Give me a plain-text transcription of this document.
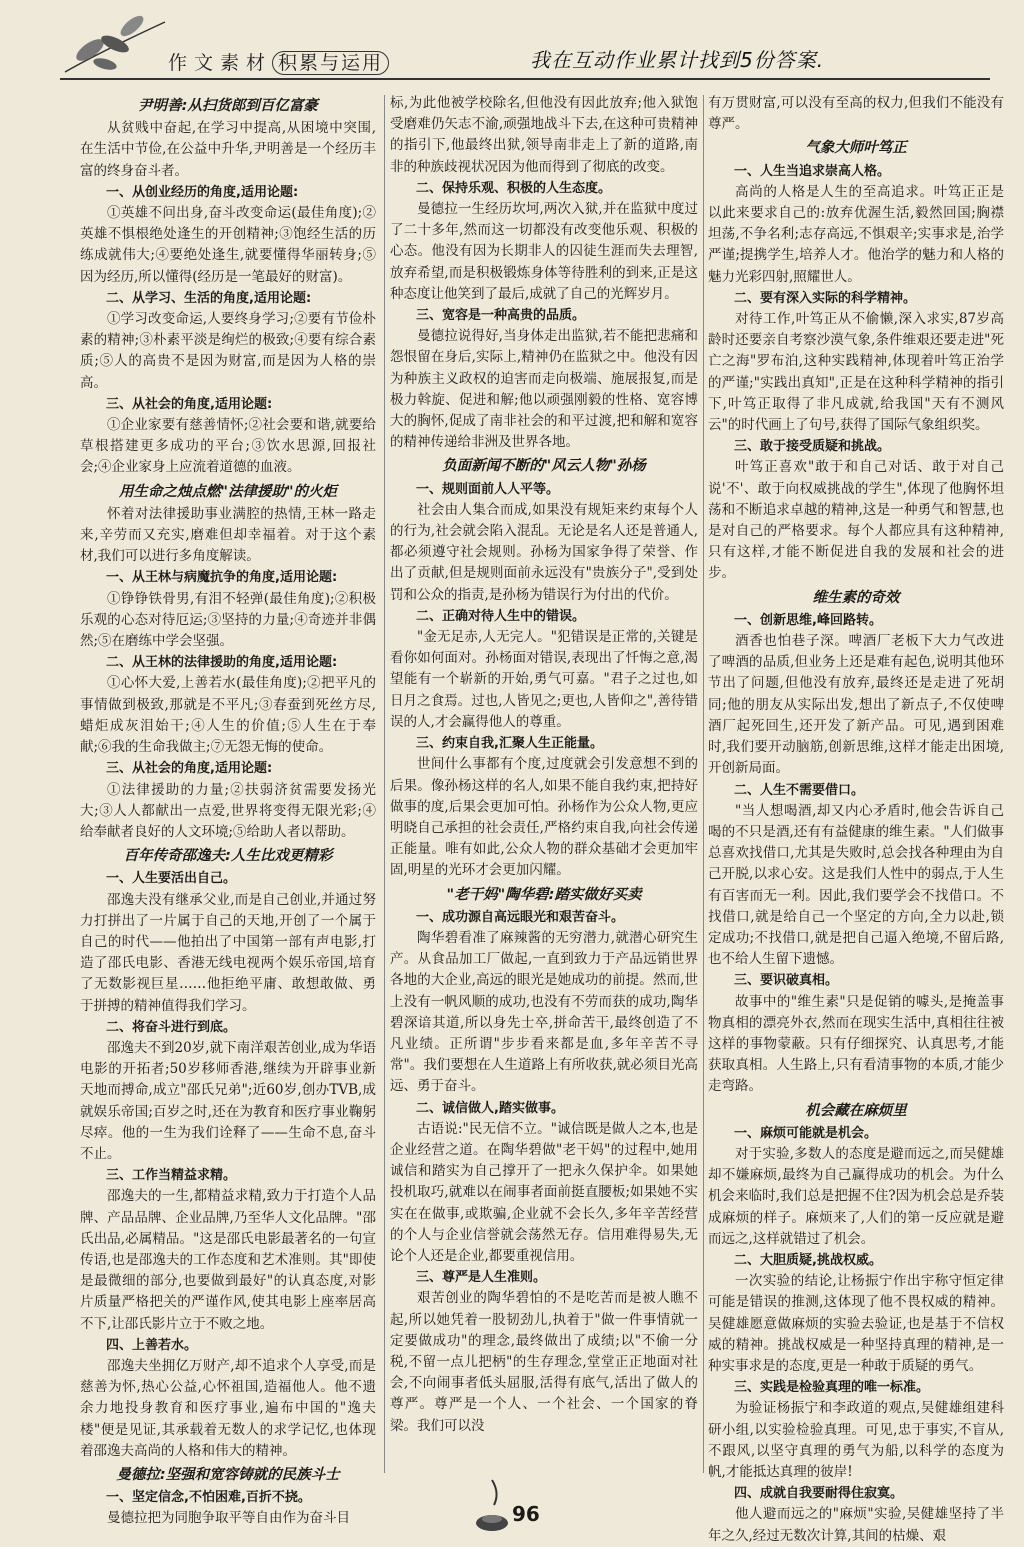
作文素材 积累与运用	我在互动作业累计找到5份答案.
尹明善:从扫货郎到百亿富豪
从贫贱中奋起,在学习中提高,从困境中突围,在生活中节俭,在公益中升华,尹明善是一个经历丰富的终身奋斗者。
一、从创业经历的角度,适用论题:
①英雄不问出身,奋斗改变命运(最佳角度);②英雄不惧根绝处逢生的开创精神;③饱经生活的历练成就伟大;④要绝处逢生,就要懂得华丽转身;⑤因为经历,所以懂得(经历是一笔最好的财富)。
二、从学习、生活的角度,适用论题:
①学习改变命运,人要终身学习;②要有节俭朴素的精神;③朴素平淡是绚烂的极致;④要有综合素质;⑤人的高贵不是因为财富,而是因为人格的崇高。
三、从社会的角度,适用论题:
①企业家要有慈善情怀;②社会要和谐,就要给草根搭建更多成功的平台;③饮水思源,回报社会;④企业家身上应流着道德的血液。
用生命之烛点燃"法律援助"的火炬
怀着对法律援助事业满腔的热情,王林一路走来,辛劳而又充实,磨难但却幸福着。对于这个素材,我们可以进行多角度解读。
一、从王林与病魔抗争的角度,适用论题:
①铮铮铁骨男,有泪不轻弹(最佳角度);②积极乐观的心态对待厄运;③坚持的力量;④奇迹并非偶然;⑤在磨练中学会坚强。
二、从王林的法律援助的角度,适用论题:
①心怀大爱,上善若水(最佳角度);②把平凡的事情做到极致,那就是不平凡;③春蚕到死丝方尽,蜡炬成灰泪始干;④人生的价值;⑤人生在于奉献;⑥我的生命我做主;⑦无怨无悔的使命。
三、从社会的角度,适用论题:
①法律援助的力量;②扶弱济贫需要发扬光大;③人人都献出一点爱,世界将变得无限光彩;④给奉献者良好的人文环境;⑤给助人者以帮助。
百年传奇邵逸夫:人生比戏更精彩
一、人生要活出自己。
邵逸夫没有继承父业,而是自己创业,并通过努力打拼出了一片属于自己的天地,开创了一个属于自己的时代——他拍出了中国第一部有声电影,打造了邵氏电影、香港无线电视两个娱乐帝国,培育了无数影视巨星……他拒绝平庸、敢想敢做、勇于拼搏的精神值得我们学习。
二、将奋斗进行到底。
邵逸夫不到20岁,就下南洋艰苦创业,成为华语电影的开拓者;50岁移师香港,继续为开辟事业新天地而搏命,成立"邵氏兄弟";近60岁,创办TVB,成就娱乐帝国;百岁之时,还在为教育和医疗事业鞠躬尽瘁。他的一生为我们诠释了——生命不息,奋斗不止。
三、工作当精益求精。
邵逸夫的一生,都精益求精,致力于打造个人品牌、产品品牌、企业品牌,乃至华人文化品牌。"邵氏出品,必属精品。"这是邵氏电影最著名的一句宣传语,也是邵逸夫的工作态度和艺术准则。其"即使是最微细的部分,也要做到最好"的认真态度,对影片质量严格把关的严谨作风,使其电影上座率居高不下,让邵氏影片立于不败之地。
四、上善若水。
邵逸夫坐拥亿万财产,却不追求个人享受,而是慈善为怀,热心公益,心怀祖国,造福他人。他不遗余力地投身教育和医疗事业,遍布中国的"逸夫楼"便是见证,其承载着无数人的求学记忆,也体现着邵逸夫高尚的人格和伟大的精神。
曼德拉:坚强和宽容铸就的民族斗士
一、坚定信念,不怕困难,百折不挠。
曼德拉把为同胞争取平等自由作为奋斗目
标,为此他被学校除名,但他没有因此放弃;他入狱饱受磨难仍矢志不渝,顽强地战斗下去,在这种可贵精神的指引下,他最终出狱,领导南非走上了新的道路,南非的种族歧视状况因为他而得到了彻底的改变。
二、保持乐观、积极的人生态度。
曼德拉一生经历坎坷,两次入狱,并在监狱中度过了二十多年,然而这一切都没有改变他乐观、积极的心态。他没有因为长期非人的囚徒生涯而失去理智,放弃希望,而是积极锻炼身体等待胜利的到来,正是这种态度让他笑到了最后,成就了自己的光辉岁月。
三、宽容是一种高贵的品质。
曼德拉说得好,当身体走出监狱,若不能把悲痛和怨恨留在身后,实际上,精神仍在监狱之中。他没有因为种族主义政权的迫害而走向极端、施展报复,而是极力斡旋、促进和解;他以顽强刚毅的性格、宽容博大的胸怀,促成了南非社会的和平过渡,把和解和宽容的精神传递给非洲及世界各地。
负面新闻不断的"风云人物"孙杨
一、规则面前人人平等。
社会由人集合而成,如果没有规矩来约束每个人的行为,社会就会陷入混乱。无论是名人还是普通人,都必须遵守社会规则。孙杨为国家争得了荣誉、作出了贡献,但是规则面前永远没有"贵族分子",受到处罚和公众的指责,是孙杨为错误行为付出的代价。
二、正确对待人生中的错误。
"金无足赤,人无完人。"犯错误是正常的,关键是看你如何面对。孙杨面对错误,表现出了忏悔之意,渴望能有一个崭新的开始,勇气可嘉。"君子之过也,如日月之食焉。过也,人皆见之;更也,人皆仰之",善待错误的人,才会赢得他人的尊重。
三、约束自我,汇聚人生正能量。
世间什么事都有个度,过度就会引发意想不到的后果。像孙杨这样的名人,如果不能自我约束,把持好做事的度,后果会更加可怕。孙杨作为公众人物,更应明晓自己承担的社会责任,严格约束自我,向社会传递正能量。唯有如此,公众人物的群众基础才会更加牢固,明星的光环才会更加闪耀。
"老干妈"陶华碧:踏实做好买卖
一、成功源自高远眼光和艰苦奋斗。
陶华碧看准了麻辣酱的无穷潜力,就潜心研究生产。从食品加工厂做起,一直到致力于产品远销世界各地的大企业,高远的眼光是她成功的前提。然而,世上没有一帆风顺的成功,也没有不劳而获的成功,陶华碧深谙其道,所以身先士卒,拼命苦干,最终创造了不凡业绩。正所谓"步步看来都是血,多年辛苦不寻常"。我们要想在人生道路上有所收获,就必须目光高远、勇于奋斗。
二、诚信做人,踏实做事。
古语说:"民无信不立。"诚信既是做人之本,也是企业经营之道。在陶华碧做"老干妈"的过程中,她用诚信和踏实为自己撑开了一把永久保护伞。如果她投机取巧,就难以在闹事者面前挺直腰板;如果她不实实在在做事,或欺骗,企业就不会长久,多年辛苦经营的个人与企业信誉就会荡然无存。信用难得易失,无论个人还是企业,都要重视信用。
三、尊严是人生准则。
艰苦创业的陶华碧怕的不是吃苦而是被人瞧不起,所以她凭着一股韧劲儿,执着于"做一件事情就一定要做成功"的理念,最终做出了成绩;以"不偷一分税,不留一点儿把柄"的生存理念,堂堂正正地面对社会,不向闹事者低头屈服,活得有底气,活出了做人的尊严。尊严是一个人、一个社会、一个国家的脊梁。我们可以没
有万贯财富,可以没有至高的权力,但我们不能没有尊严。
气象大师叶笃正
一、人生当追求崇高人格。
高尚的人格是人生的至高追求。叶笃正正是以此来要求自己的:放弃优渥生活,毅然回国;胸襟坦荡,不争名利;志存高远,不惧艰辛;实事求是,治学严谨;提携学生,培养人才。他治学的魅力和人格的魅力光彩四射,照耀世人。
二、要有深入实际的科学精神。
对待工作,叶笃正从不偷懒,深入求实,87岁高龄时还要亲自考察沙漠气象,条件维艰还要走进"死亡之海"罗布泊,这种实践精神,体现着叶笃正治学的严谨;"实践出真知",正是在这种科学精神的指引下,叶笃正取得了非凡成就,给我国"天有不测风云"的时代画上了句号,获得了国际气象组织奖。
三、敢于接受质疑和挑战。
叶笃正喜欢"敢于和自己对话、敢于对自己说'不'、敢于向权威挑战的学生",体现了他胸怀坦荡和不断追求卓越的精神,这是一种勇气和智慧,也是对自己的严格要求。每个人都应具有这种精神,只有这样,才能不断促进自我的发展和社会的进步。
维生素的奇效
一、创新思维,峰回路转。
酒香也怕巷子深。啤酒厂老板下大力气改进了啤酒的品质,但业务上还是难有起色,说明其他环节出了问题,但他没有放弃,最终还是走进了死胡同;他的朋友从实际出发,想出了新点子,不仅使啤酒厂起死回生,还开发了新产品。可见,遇到困难时,我们要开动脑筋,创新思维,这样才能走出困境,开创新局面。
二、人生不需要借口。
"当人想喝酒,却又内心矛盾时,他会告诉自己喝的不只是酒,还有有益健康的维生素。"人们做事总喜欢找借口,尤其是失败时,总会找各种理由为自己开脱,以求心安。这是我们人性中的弱点,于人生有百害而无一利。因此,我们要学会不找借口。不找借口,就是给自己一个坚定的方向,全力以赴,锁定成功;不找借口,就是把自己逼入绝境,不留后路,也不给人生留下遗憾。
三、要识破真相。
故事中的"维生素"只是促销的噱头,是掩盖事物真相的漂亮外衣,然而在现实生活中,真相往往被这样的事物蒙蔽。只有仔细探究、认真思考,才能获取真相。人生路上,只有看清事物的本质,才能少走弯路。
机会藏在麻烦里
一、麻烦可能就是机会。
对于实验,多数人的态度是避而远之,而吴健雄却不嫌麻烦,最终为自己赢得成功的机会。为什么机会来临时,我们总是把握不住?因为机会总是乔装成麻烦的样子。麻烦来了,人们的第一反应就是避而远之,这样就错过了机会。
二、大胆质疑,挑战权威。
一次实验的结论,让杨振宁作出宇称守恒定律可能是错误的推测,这体现了他不畏权威的精神。吴健雄愿意做麻烦的实验去验证,也是基于不信权威的精神。挑战权威是一种坚持真理的精神,是一种实事求是的态度,更是一种敢于质疑的勇气。
三、实践是检验真理的唯一标准。
为验证杨振宁和李政道的观点,吴健雄组建科研小组,以实验检验真理。可见,忠于事实,不盲从,不跟风,以坚守真理的勇气为船,以科学的态度为帆,才能抵达真理的彼岸!
四、成就自我要耐得住寂寞。
他人避而远之的"麻烦"实验,吴健雄坚持了半年之久,经过无数次计算,其间的枯燥、艰
96
